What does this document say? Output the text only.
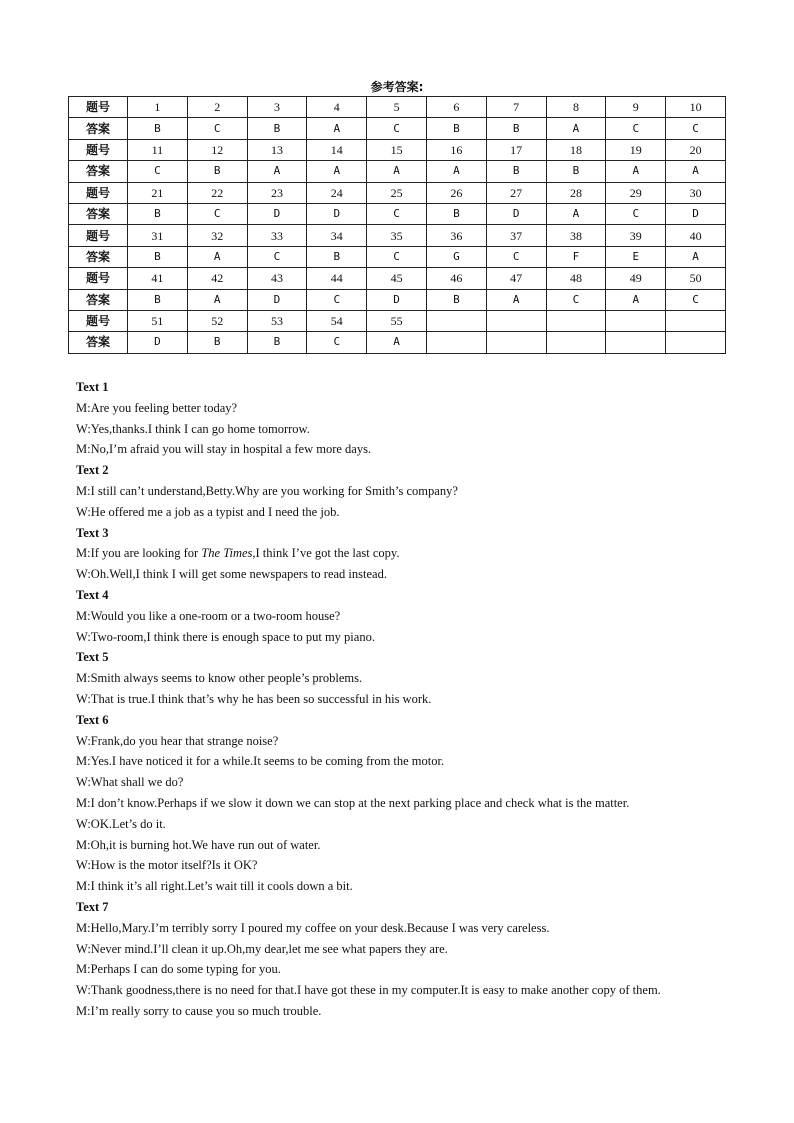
参考答案:
题号	1	2	3	4	5	6	7	8	9	10
答案	B	C	B	A	C	B	B	A	C	C
题号	11	12	13	14	15	16	17	18	19	20
答案	C	B	A	A	A	A	B	B	A	A
题号	21	22	23	24	25	26	27	28	29	30
答案	B	C	D	D	C	B	D	A	C	D
题号	31	32	33	34	35	36	37	38	39	40
答案	B	A	C	B	C	G	C	F	E	A
题号	41	42	43	44	45	46	47	48	49	50
答案	B	A	D	C	D	B	A	C	A	C
题号	51	52	53	54	55					
答案	D	B	B	C	A					
Text 1
M:Are you feeling better today?
W:Yes,thanks.I think I can go home tomorrow.
M:No,I’m afraid you will stay in hospital a few more days.
Text 2
M:I still can’t understand,Betty.Why are you working for Smith’s company?
W:He offered me a job as a typist and I need the job.
Text 3
M:If you are looking for The Times,I think I’ve got the last copy.
W:Oh.Well,I think I will get some newspapers to read instead.
Text 4
M:Would you like a one-room or a two-room house?
W:Two-room,I think there is enough space to put my piano.
Text 5
M:Smith always seems to know other people’s problems.
W:That is true.I think that’s why he has been so successful in his work.
Text 6
W:Frank,do you hear that strange noise?
M:Yes.I have noticed it for a while.It seems to be coming from the motor.
W:What shall we do?
M:I don’t know.Perhaps if we slow it down we can stop at the next parking place and check what is the matter.
W:OK.Let’s do it.
M:Oh,it is burning hot.We have run out of water.
W:How is the motor itself?Is it OK?
M:I think it’s all right.Let’s wait till it cools down a bit.
Text 7
M:Hello,Mary.I’m terribly sorry I poured my coffee on your desk.Because I was very careless.
W:Never mind.I’ll clean it up.Oh,my dear,let me see what papers they are.
M:Perhaps I can do some typing for you.
W:Thank goodness,there is no need for that.I have got these in my computer.It is easy to make another copy of them.
M:I’m really sorry to cause you so much trouble.
